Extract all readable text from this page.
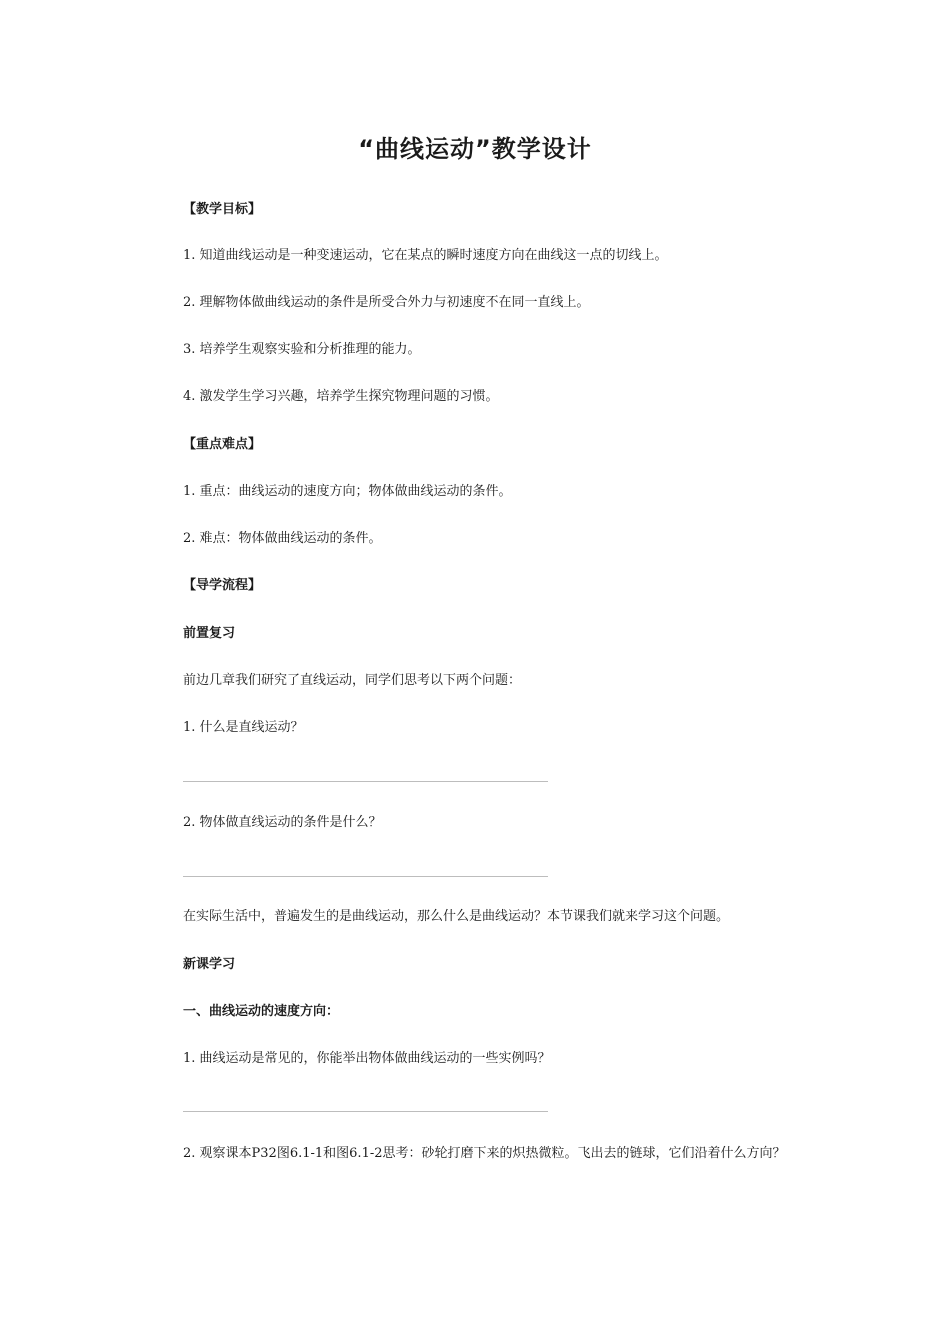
“曲线运动”教学设计
【教学目标】
1. 知道曲线运动是一种变速运动，它在某点的瞬时速度方向在曲线这一点的切线上。
2. 理解物体做曲线运动的条件是所受合外力与初速度不在同一直线上。
3. 培养学生观察实验和分析推理的能力。
4. 激发学生学习兴趣，培养学生探究物理问题的习惯。
【重点难点】
1. 重点：曲线运动的速度方向；物体做曲线运动的条件。
2. 难点：物体做曲线运动的条件。
【导学流程】
前置复习
前边几章我们研究了直线运动，同学们思考以下两个问题：
1. 什么是直线运动？
2. 物体做直线运动的条件是什么？
在实际生活中，普遍发生的是曲线运动，那么什么是曲线运动？本节课我们就来学习这个问题。
新课学习
一、曲线运动的速度方向：
1. 曲线运动是常见的，你能举出物体做曲线运动的一些实例吗？
2. 观察课本P32图6.1-1和图6.1-2思考：砂轮打磨下来的炽热微粒。飞出去的链球，它们沿着什么方向？
